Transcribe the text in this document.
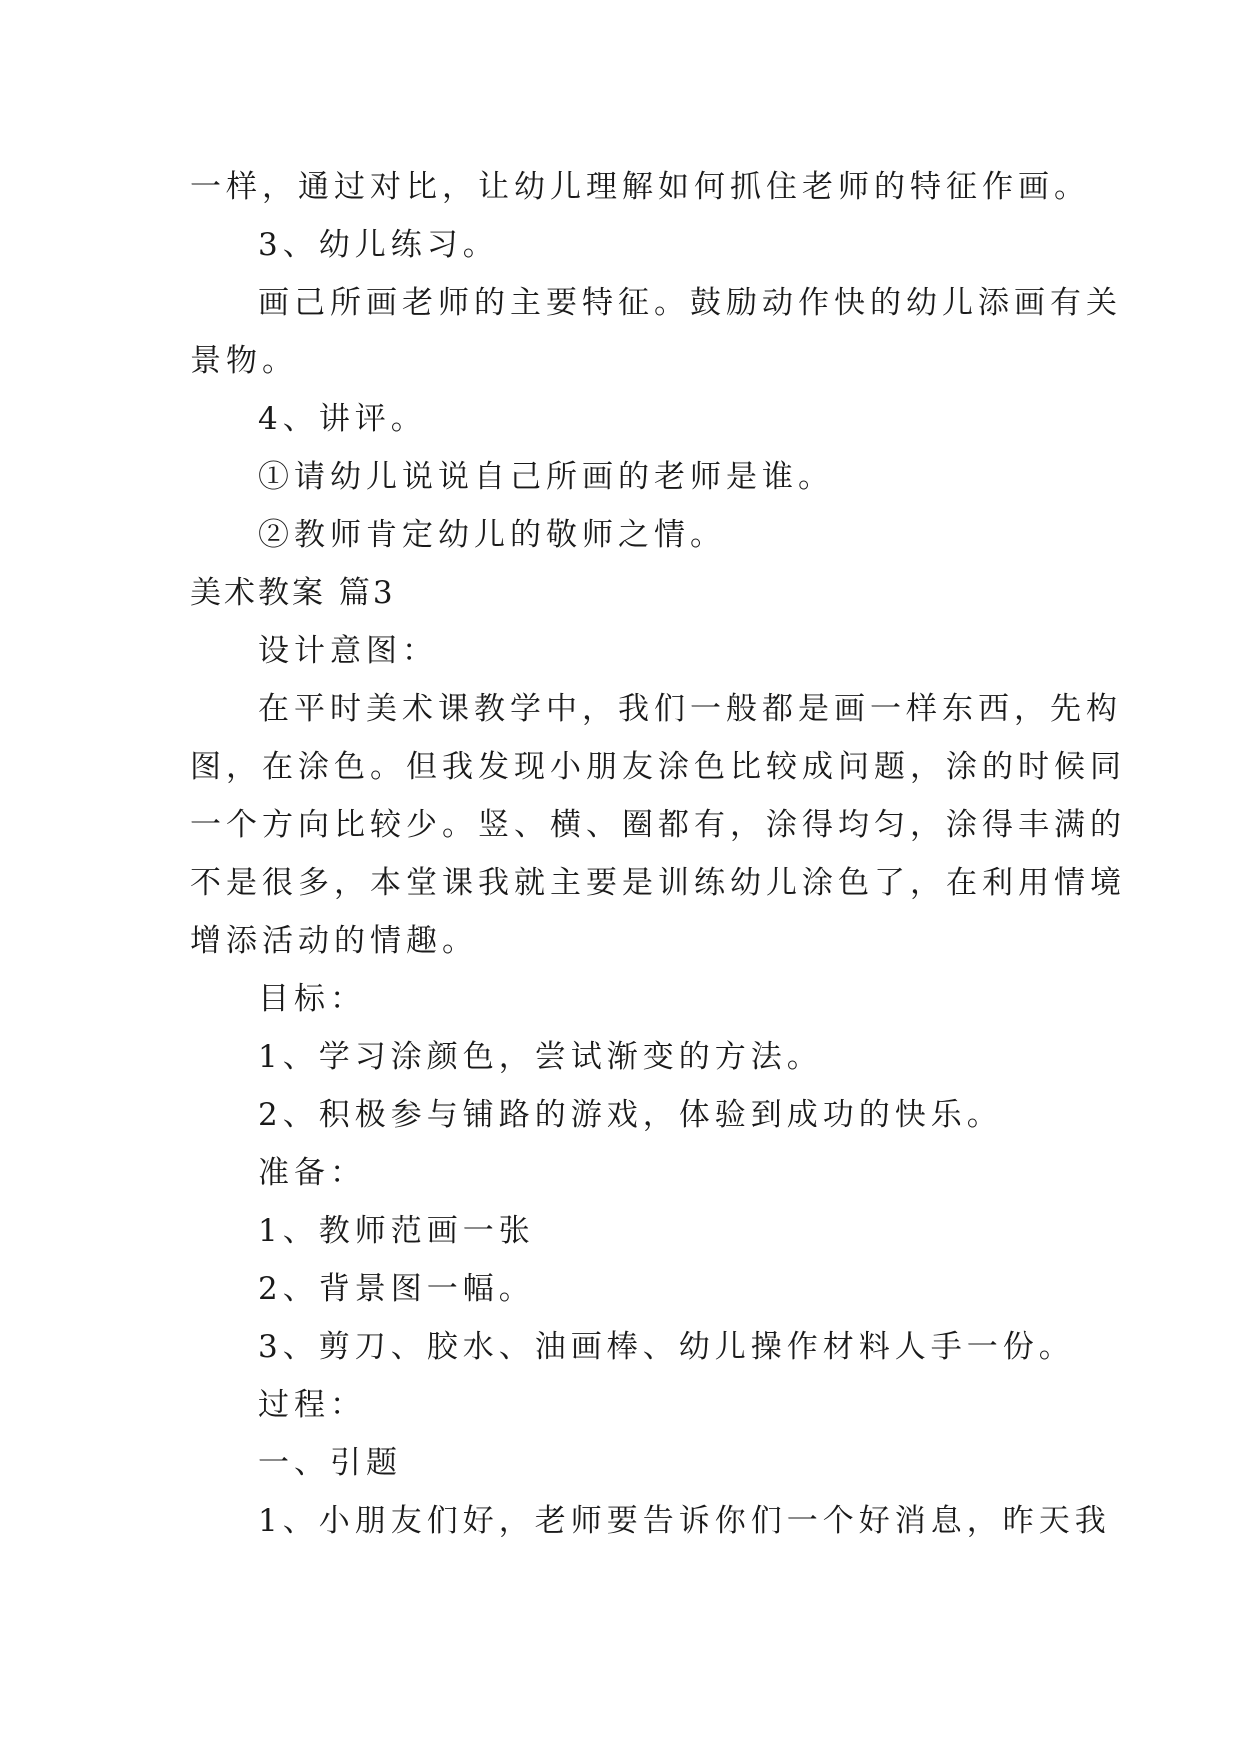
一样，通过对比，让幼儿理解如何抓住老师的特征作画。
3、幼儿练习。
画己所画老师的主要特征。鼓励动作快的幼儿添画有关
景物。
4、讲评。
①请幼儿说说自己所画的老师是谁。
②教师肯定幼儿的敬师之情。
美术教案 篇3
设计意图：
在平时美术课教学中，我们一般都是画一样东西，先构
图，在涂色。但我发现小朋友涂色比较成问题，涂的时候同
一个方向比较少。竖、横、圈都有，涂得均匀，涂得丰满的
不是很多，本堂课我就主要是训练幼儿涂色了，在利用情境
增添活动的情趣。
目标：
1、学习涂颜色，尝试渐变的方法。
2、积极参与铺路的游戏，体验到成功的快乐。
准备：
1、教师范画一张
2、背景图一幅。
3、剪刀、胶水、油画棒、幼儿操作材料人手一份。
过程：
一、引题
1、小朋友们好，老师要告诉你们一个好消息，昨天我
